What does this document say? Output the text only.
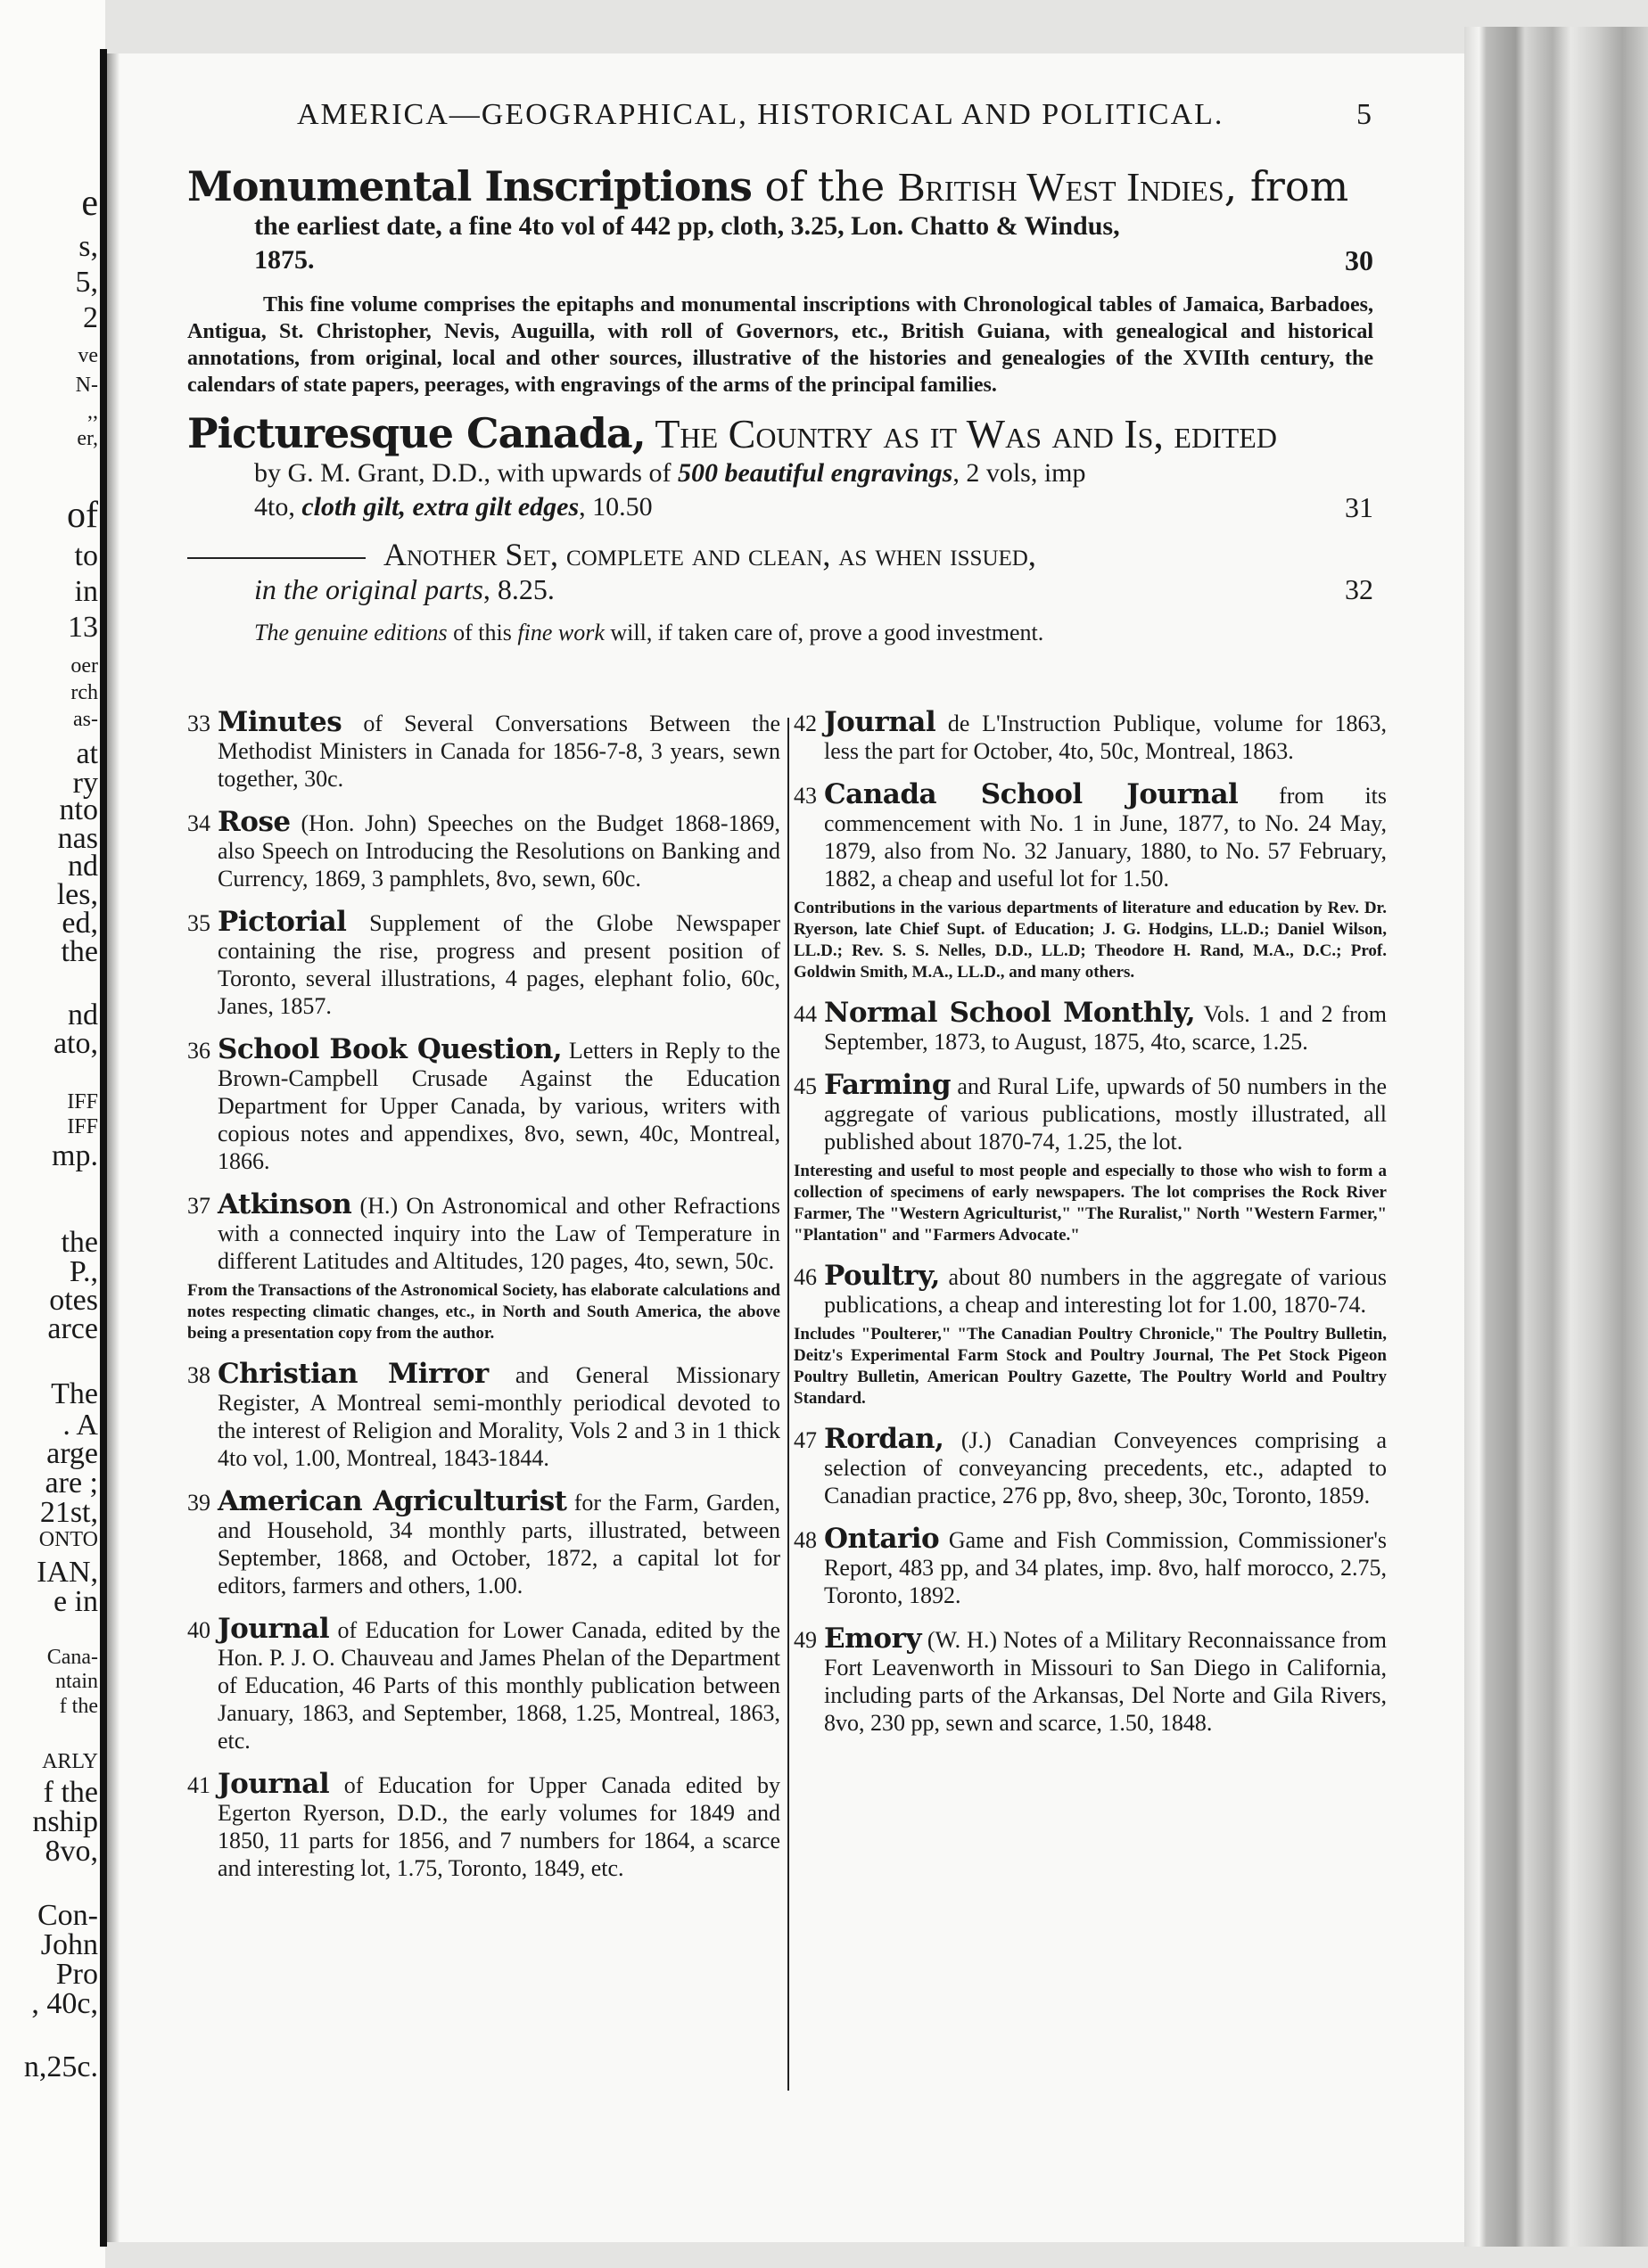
e
s,
5,
2
ve
N-
,,
er,
of
to
in
13
oer
rch
as-
at
ry
nto
nas
nd
les,
ed,
the
nd
ato,
IFF
IFF
mp.
the
P.,
otes
arce
The
. A
arge
are ;
21st,
ONTO
IAN,
e in
Cana-
ntain
f the
ARLY
f the
nship
8vo,
Con-
John
Pro
, 40c,
n,25c.
AMERICA—GEOGRAPHICAL, HISTORICAL AND POLITICAL.	5
Monumental Inscriptions of the British West Indies, from
the earliest date, a fine 4to vol of 442 pp, cloth, 3.25, Lon. Chatto & Windus,
1875.	30
This fine volume comprises the epitaphs and monumental inscriptions with Chronological tables of Jamaica, Barbadoes, Antigua, St. Christopher, Nevis, Auguilla, with roll of Governors, etc., British Guiana, with genealogical and historical annotations, from original, local and other sources, illustrative of the histories and genealogies of the XVIIth century, the calendars of state papers, peerages, with engravings of the arms of the principal families.
Picturesque Canada, The Country as it Was and Is, edited
by G. M. Grant, D.D., with upwards of 500 beautiful engravings, 2 vols, imp
4to, cloth gilt, extra gilt edges, 10.50	31
Another Set, complete and clean, as when issued,
in the original parts, 8.25.	32
The genuine editions of this fine work will, if taken care of, prove a good investment.
33 Minutes of Several Conversations Between the Methodist Ministers in Canada for 1856-7-8, 3 years, sewn together, 30c.
34 Rose (Hon. John) Speeches on the Budget 1868-1869, also Speech on Introducing the Resolutions on Banking and Currency, 1869, 3 pamphlets, 8vo, sewn, 60c.
35 Pictorial Supplement of the Globe Newspaper containing the rise, progress and present position of Toronto, several illustrations, 4 pages, elephant folio, 60c, Janes, 1857.
36 School Book Question, Letters in Reply to the Brown-Campbell Crusade Against the Education Department for Upper Canada, by various, writers with copious notes and appendixes, 8vo, sewn, 40c, Montreal, 1866.
37 Atkinson (H.) On Astronomical and other Refractions with a connected inquiry into the Law of Temperature in different Latitudes and Altitudes, 120 pages, 4to, sewn, 50c.
From the Transactions of the Astronomical Society, has elaborate calculations and notes respecting climatic changes, etc., in North and South America, the above being a presentation copy from the author.
38 Christian Mirror and General Missionary Register, A Montreal semi-monthly periodical devoted to the interest of Religion and Morality, Vols 2 and 3 in 1 thick 4to vol, 1.00, Montreal, 1843-1844.
39 American Agriculturist for the Farm, Garden, and Household, 34 monthly parts, illustrated, between September, 1868, and October, 1872, a capital lot for editors, farmers and others, 1.00.
40 Journal of Education for Lower Canada, edited by the Hon. P. J. O. Chauveau and James Phelan of the Department of Education, 46 Parts of this monthly publication between January, 1863, and September, 1868, 1.25, Montreal, 1863, etc.
41 Journal of Education for Upper Canada edited by Egerton Ryerson, D.D., the early volumes for 1849 and 1850, 11 parts for 1856, and 7 numbers for 1864, a scarce and interesting lot, 1.75, Toronto, 1849, etc.
42 Journal de L'Instruction Publique, volume for 1863, less the part for October, 4to, 50c, Montreal, 1863.
43 Canada School Journal from its commencement with No. 1 in June, 1877, to No. 24 May, 1879, also from No. 32 January, 1880, to No. 57 February, 1882, a cheap and useful lot for 1.50.
Contributions in the various departments of literature and education by Rev. Dr. Ryerson, late Chief Supt. of Education; J. G. Hodgins, LL.D.; Daniel Wilson, LL.D.; Rev. S. S. Nelles, D.D., LL.D; Theodore H. Rand, M.A., D.C.; Prof. Goldwin Smith, M.A., LL.D., and many others.
44 Normal School Monthly, Vols. 1 and 2 from September, 1873, to August, 1875, 4to, scarce, 1.25.
45 Farming and Rural Life, upwards of 50 numbers in the aggregate of various publications, mostly illustrated, all published about 1870-74, 1.25, the lot.
Interesting and useful to most people and especially to those who wish to form a collection of specimens of early newspapers. The lot comprises the Rock River Farmer, The "Western Agriculturist," "The Ruralist," North "Western Farmer," "Plantation" and "Farmers Advocate."
46 Poultry, about 80 numbers in the aggregate of various publications, a cheap and interesting lot for 1.00, 1870-74.
Includes "Poulterer," "The Canadian Poultry Chronicle," The Poultry Bulletin, Deitz's Experimental Farm Stock and Poultry Journal, The Pet Stock Pigeon Poultry Bulletin, American Poultry Gazette, The Poultry World and Poultry Standard.
47 Rordan, (J.) Canadian Conveyences comprising a selection of conveyancing precedents, etc., adapted to Canadian practice, 276 pp, 8vo, sheep, 30c, Toronto, 1859.
48 Ontario Game and Fish Commission, Commissioner's Report, 483 pp, and 34 plates, imp. 8vo, half morocco, 2.75, Toronto, 1892.
49 Emory (W. H.) Notes of a Military Reconnaissance from Fort Leavenworth in Missouri to San Diego in California, including parts of the Arkansas, Del Norte and Gila Rivers, 8vo, 230 pp, sewn and scarce, 1.50, 1848.
